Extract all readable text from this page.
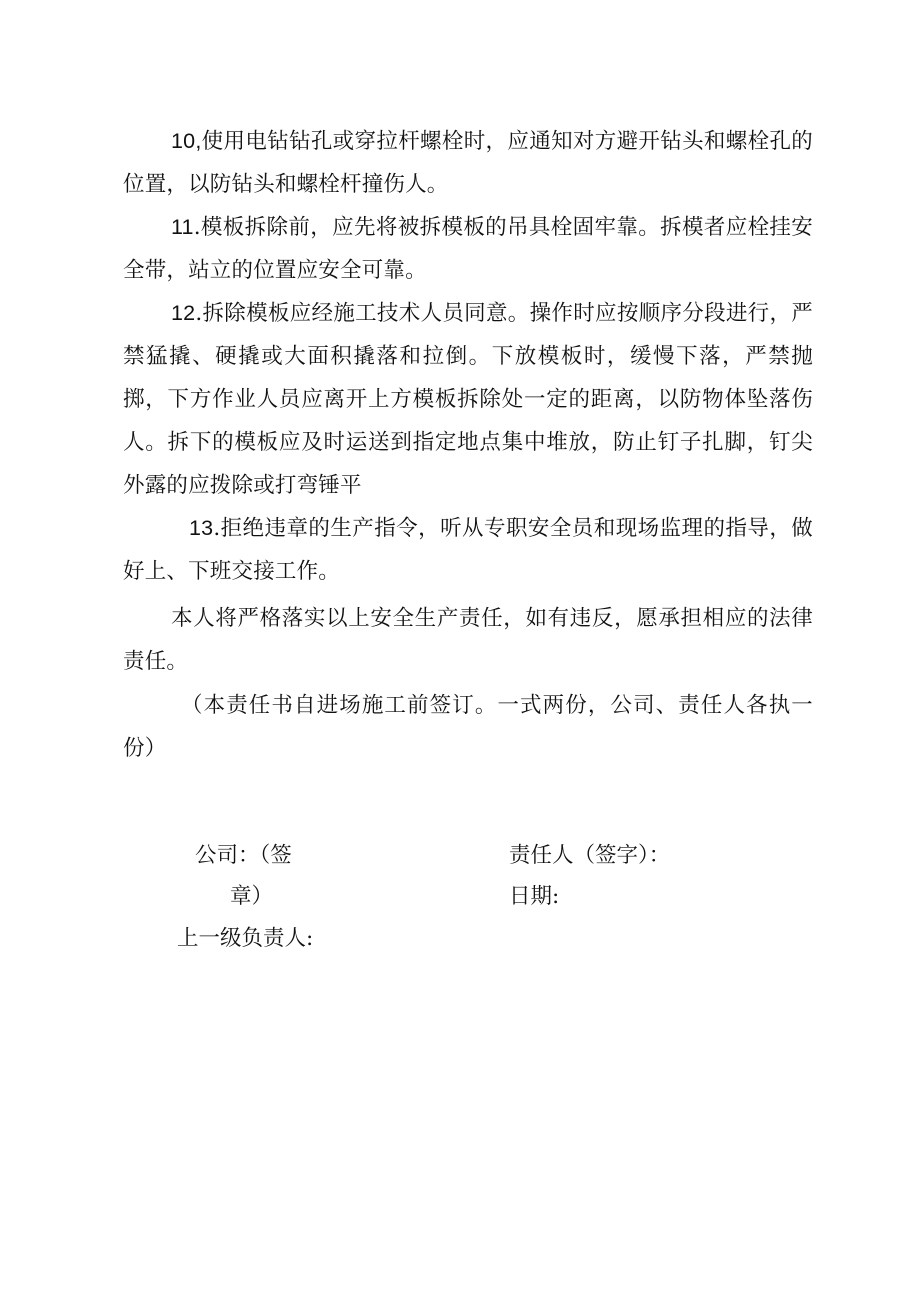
10,使用电钻钻孔或穿拉杆螺栓时，应通知对方避开钻头和螺栓孔的位置，以防钻头和螺栓杆撞伤人。

11.模板拆除前，应先将被拆模板的吊具栓固牢靠。拆模者应栓挂安全带，站立的位置应安全可靠。

12.拆除模板应经施工技术人员同意。操作时应按顺序分段进行，严禁猛撬、硬撬或大面积撬落和拉倒。下放模板时，缓慢下落，严禁抛掷，下方作业人员应离开上方模板拆除处一定的距离，以防物体坠落伤人。拆下的模板应及时运送到指定地点集中堆放，防止钉子扎脚，钉尖外露的应拨除或打弯锤平

13.拒绝违章的生产指令，听从专职安全员和现场监理的指导，做好上、下班交接工作。

本人将严格落实以上安全生产责任，如有违反，愿承担相应的法律责任。

（本责任书自进场施工前签订。一式两份，公司、责任人各执一份）

公司：（签

章）

责任人（签字）：

日期:

上一级负责人:
